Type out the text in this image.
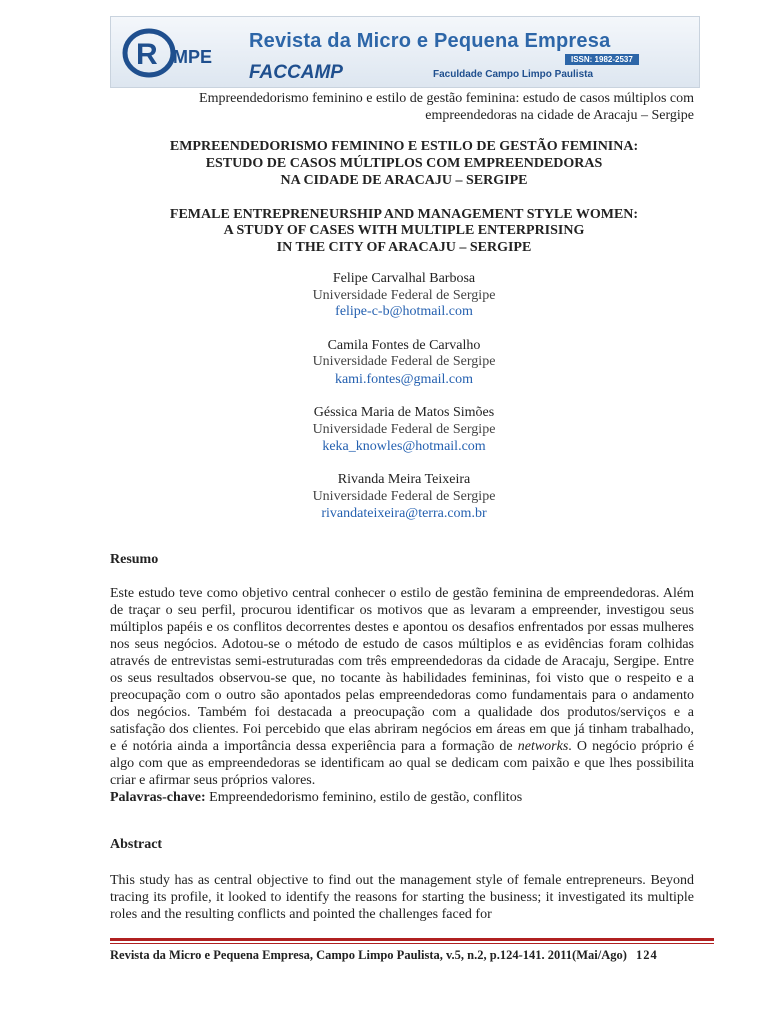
R MPE
Revista da Micro e Pequena Empresa
ISSN: 1982-2537
FACCAMP	Faculdade Campo Limpo Paulista
Empreendedorismo feminino e estilo de gestão feminina: estudo de casos múltiplos com
empreendedoras na cidade de Aracaju – Sergipe
EMPREENDEDORISMO FEMININO E ESTILO DE GESTÃO FEMININA:
ESTUDO DE CASOS MÚLTIPLOS COM EMPREENDEDORAS
NA CIDADE DE ARACAJU – SERGIPE
FEMALE ENTREPRENEURSHIP AND MANAGEMENT STYLE WOMEN:
A STUDY OF CASES WITH MULTIPLE ENTERPRISING
IN THE CITY OF ARACAJU – SERGIPE
Felipe Carvalhal Barbosa
Universidade Federal de Sergipe
felipe-c-b@hotmail.com
Camila Fontes de Carvalho
Universidade Federal de Sergipe
kami.fontes@gmail.com
Géssica Maria de Matos Simões
Universidade Federal de Sergipe
keka_knowles@hotmail.com
Rivanda Meira Teixeira
Universidade Federal de Sergipe
rivandateixeira@terra.com.br
Resumo
Este estudo teve como objetivo central conhecer o estilo de gestão feminina de empreendedoras. Além de traçar o seu perfil, procurou identificar os motivos que as levaram a empreender, investigou seus múltiplos papéis e os conflitos decorrentes destes e apontou os desafios enfrentados por essas mulheres nos seus negócios. Adotou-se o método de estudo de casos múltiplos e as evidências foram colhidas através de entrevistas semi-estruturadas com três empreendedoras da cidade de Aracaju, Sergipe. Entre os seus resultados observou-se que, no tocante às habilidades femininas, foi visto que o respeito e a preocupação com o outro são apontados pelas empreendedoras como fundamentais para o andamento dos negócios. Também foi destacada a preocupação com a qualidade dos produtos/serviços e a satisfação dos clientes. Foi percebido que elas abriram negócios em áreas em que já tinham trabalhado, e é notória ainda a importância dessa experiência para a formação de networks. O negócio próprio é algo com que as empreendedoras se identificam ao qual se dedicam com paixão e que lhes possibilita criar e afirmar seus próprios valores.
Palavras-chave: Empreendedorismo feminino, estilo de gestão, conflitos
Abstract
This study has as central objective to find out the management style of female entrepreneurs. Beyond tracing its profile, it looked to identify the reasons for starting the business; it investigated its multiple roles and the resulting conflicts and pointed the challenges faced for
Revista da Micro e Pequena Empresa, Campo Limpo Paulista, v.5, n.2, p.124-141. 2011(Mai/Ago) 124
